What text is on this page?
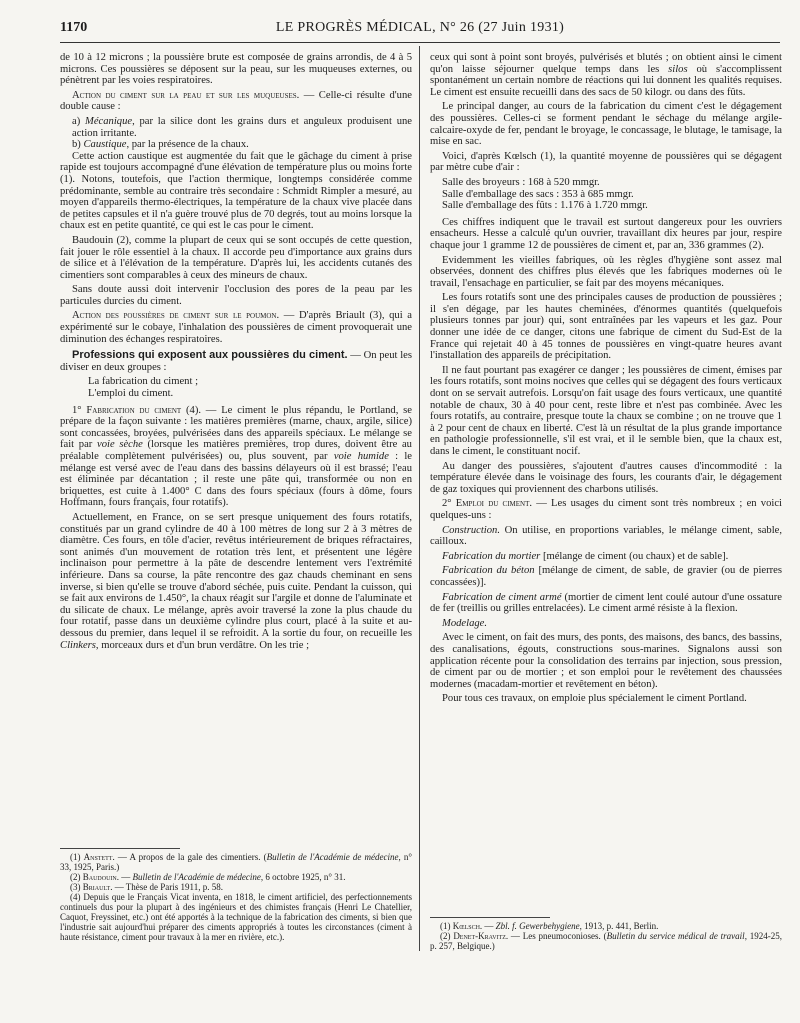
1170	LE PROGRÈS MÉDICAL, N° 26 (27 Juin 1931)

de 10 à 12 microns ; la poussière brute est composée de grains arrondis, de 4 à 5 microns. Ces poussières se déposent sur la peau, sur les muqueuses externes, ou pénètrent par les voies respiratoires.

Action du ciment sur la peau et sur les muqueuses. — Celle-ci résulte d'une double cause :

a) Mécanique, par la silice dont les grains durs et anguleux produisent une action irritante.

b) Caustique, par la présence de la chaux.

Cette action caustique est augmentée du fait que le gâchage du ciment à prise rapide est toujours accompagné d'une élévation de température plus ou moins forte (1). Notons, toutefois, que l'action thermique, longtemps considérée comme prédominante, semble au contraire très secondaire : Schmidt Rimpler a mesuré, au moyen d'appareils thermo-électriques, la température de la chaux vive placée dans de petites capsules et il n'a guère trouvé plus de 70 degrés, tout au moins lorsque la chaux est en petite quantité, ce qui est le cas pour le ciment.

Baudouin (2), comme la plupart de ceux qui se sont occupés de cette question, fait jouer le rôle essentiel à la chaux. Il accorde peu d'importance aux grains durs de silice et à l'élévation de la température. D'après lui, les accidents cutanés des cimentiers sont comparables à ceux des mineurs de chaux.

Sans doute aussi doit intervenir l'occlusion des pores de la peau par les particules durcies du ciment.

Action des poussières de ciment sur le poumon. — D'après Briault (3), qui a expérimenté sur le cobaye, l'inhalation des poussières de ciment provoquerait une diminution des échanges respiratoires.

Professions qui exposent aux poussières du ciment. — On peut les diviser en deux groupes :

La fabrication du ciment ;

L'emploi du ciment.

1° Fabrication du ciment (4). — Le ciment le plus répandu, le Portland, se prépare de la façon suivante : les matières premières (marne, chaux, argile, silice) sont concassées, broyées, pulvérisées dans des appareils spéciaux. Le mélange se fait par voie sèche (lorsque les matières premières, trop dures, doivent être au préalable complètement pulvérisées) ou, plus souvent, par voie humide : le mélange est versé avec de l'eau dans des bassins délayeurs où il est brassé; l'eau est éliminée par décantation ; il reste une pâte qui, transformée ou non en briquettes, est cuite à 1.400° C dans des fours spéciaux (fours à dôme, fours Hoffmann, fours français, four rotatifs).

Actuellement, en France, on se sert presque uniquement des fours rotatifs, constitués par un grand cylindre de 40 à 100 mètres de long sur 2 à 3 mètres de diamètre. Ces fours, en tôle d'acier, revêtus intérieurement de briques réfractaires, sont animés d'un mouvement de rotation très lent, et présentent une légère inclinaison pour permettre à la pâte de descendre lentement vers l'extrémité inférieure. Dans sa course, la pâte rencontre des gaz chauds cheminant en sens inverse, si bien qu'elle se trouve d'abord séchée, puis cuite. Pendant la cuisson, qui se fait aux environs de 1.450°, la chaux réagit sur l'argile et donne de l'aluminate et du silicate de chaux. Le mélange, après avoir traversé la zone la plus chaude du four rotatif, passe dans un deuxième cylindre plus court, placé à la suite et au-dessous du premier, dans lequel il se refroidit. A la sortie du four, on recueille les Clinkers, morceaux durs et d'un brun verdâtre. On les trie ;

(1) Anstett. — A propos de la gale des cimentiers. (Bulletin de l'Académie de médecine, n° 33, 1925, Paris.)

(2) Baudouin. — Bulletin de l'Académie de médecine, 6 octobre 1925, n° 31.

(3) Briault. — Thèse de Paris 1911, p. 58.

(4) Depuis que le Français Vicat inventa, en 1818, le ciment artificiel, des perfectionnements continuels dus pour la plupart à des ingénieurs et des chimistes français (Henri Le Chatellier, Caquot, Freyssinet, etc.) ont été apportés à la technique de la fabrication des ciments, si bien que l'industrie sait aujourd'hui préparer des ciments appropriés à toutes les circonstances (ciment à haute résistance, ciment pour travaux à la mer en rivière, etc.).

ceux qui sont à point sont broyés, pulvérisés et blutés ; on obtient ainsi le ciment qu'on laisse séjourner quelque temps dans les silos où s'accomplissent spontanément un certain nombre de réactions qui lui donnent les qualités requises. Le ciment est ensuite recueilli dans des sacs de 50 kilogr. ou dans des fûts.

Le principal danger, au cours de la fabrication du ciment c'est le dégagement des poussières. Celles-ci se forment pendant le séchage du mélange argile-calcaire-oxyde de fer, pendant le broyage, le concassage, le blutage, le tamisage, la mise en sac.

Voici, d'après Kœlsch (1), la quantité moyenne de poussières qui se dégagent par mètre cube d'air :

Salle des broyeurs : 168 à 520 mmgr.

Salle d'emballage des sacs : 353 à 685 mmgr.

Salle d'emballage des fûts : 1.176 à 1.720 mmgr.

Ces chiffres indiquent que le travail est surtout dangereux pour les ouvriers ensacheurs. Hesse a calculé qu'un ouvrier, travaillant dix heures par jour, respire chaque jour 1 gramme 12 de poussières de ciment et, par an, 336 grammes (2).

Evidemment les vieilles fabriques, où les règles d'hygiène sont assez mal observées, donnent des chiffres plus élevés que les fabriques modernes où le travail, l'ensachage en particulier, se fait par des moyens mécaniques.

Les fours rotatifs sont une des principales causes de production de poussières ; il s'en dégage, par les hautes cheminées, d'énormes quantités (quelquefois plusieurs tonnes par jour) qui, sont entraînées par les vapeurs et les gaz. Pour donner une idée de ce danger, citons une fabrique de ciment du Sud-Est de la France qui rejetait 40 à 45 tonnes de poussières en vingt-quatre heures avant l'installation des appareils de précipitation.

Il ne faut pourtant pas exagérer ce danger ; les poussières de ciment, émises par les fours rotatifs, sont moins nocives que celles qui se dégagent des fours verticaux dont on se servait autrefois. Lorsqu'on fait usage des fours verticaux, une quantité notable de chaux, 30 à 40 pour cent, reste libre et n'est pas combinée. Avec les fours rotatifs, au contraire, presque toute la chaux se combine ; on ne trouve que 1 à 2 pour cent de chaux en liberté. C'est là un résultat de la plus grande importance en pathologie professionnelle, s'il est vrai, et il le semble bien, que la chaux est, dans le ciment, le constituant nocif.

Au danger des poussières, s'ajoutent d'autres causes d'incommodité : la température élevée dans le voisinage des fours, les courants d'air, le dégagement de gaz toxiques qui proviennent des charbons utilisés.

2° Emploi du ciment. — Les usages du ciment sont très nombreux ; en voici quelques-uns :

Construction. On utilise, en proportions variables, le mélange ciment, sable, cailloux.

Fabrication du mortier [mélange de ciment (ou chaux) et de sable].

Fabrication du béton [mélange de ciment, de sable, de gravier (ou de pierres concassées)].

Fabrication de ciment armé (mortier de ciment lent coulé autour d'une ossature de fer (treillis ou grilles entrelacées). Le ciment armé résiste à la flexion.

Modelage.

Avec le ciment, on fait des murs, des ponts, des maisons, des bancs, des bassins, des canalisations, égouts, constructions sous-marines. Signalons aussi son application récente pour la consolidation des terrains par injection, sous pression, de ciment par ou de mortier ; et son emploi pour le revêtement des chaussées modernes (macadam-mortier et revêtement en béton).

Pour tous ces travaux, on emploie plus spécialement le ciment Portland.

(1) Kœlsch. — Zbl. f. Gewerbehygiene, 1913, p. 441, Berlin.

(2) Denet-Kravitz. — Les pneumoconioses. (Bulletin du service médical de travail, 1924-25, p. 257, Belgique.)
